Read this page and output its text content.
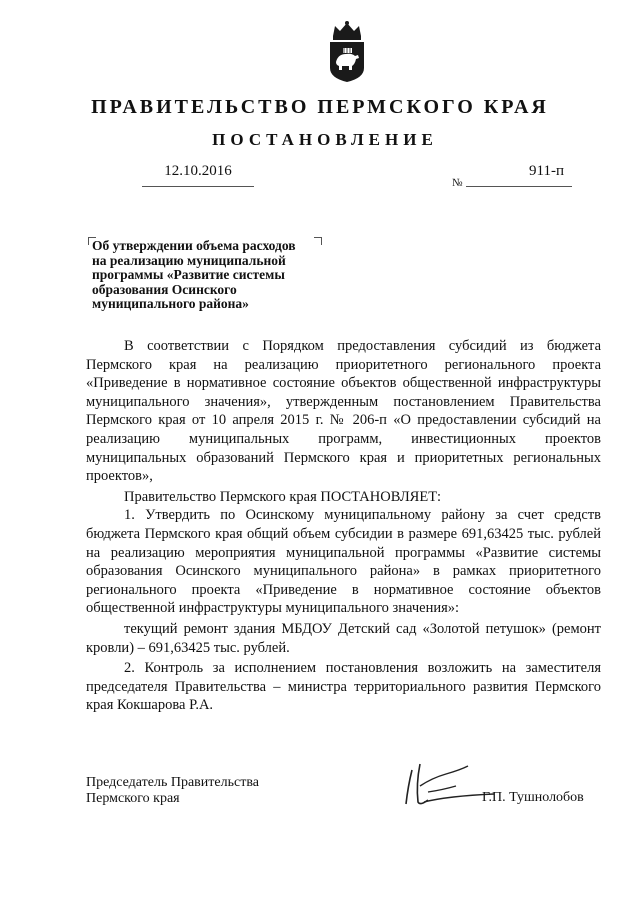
ПРАВИТЕЛЬСТВО ПЕРМСКОГО КРАЯ
ПОСТАНОВЛЕНИЕ
12.10.2016
№
911-п
Об утверждении объема расходов
на реализацию муниципальной
программы «Развитие системы
образования Осинского
муниципального района»

В соответствии с Порядком предоставления субсидий из бюджета Пермского края на реализацию приоритетного регионального проекта «Приведение в нормативное состояние объектов общественной инфраструктуры муниципального значения», утвержденным постановлением Правительства Пермского края от 10 апреля 2015 г. № 206-п «О предоставлении субсидий на реализацию муниципальных программ, инвестиционных проектов муниципальных образований Пермского края и приоритетных региональных проектов»,

Правительство Пермского края ПОСТАНОВЛЯЕТ:

1. Утвердить по Осинскому муниципальному району за счет средств бюджета Пермского края общий объем субсидии в размере 691,63425 тыс. рублей на реализацию мероприятия муниципальной программы «Развитие системы образования Осинского муниципального района» в рамках приоритетного регионального проекта «Приведение в нормативное состояние объектов общественной инфраструктуры муниципального значения»:

текущий ремонт здания МБДОУ Детский сад «Золотой петушок» (ремонт кровли) – 691,63425 тыс. рублей.

2. Контроль за исполнением постановления возложить на заместителя председателя Правительства – министра территориального развития Пермского края Кокшарова Р.А.

Председатель Правительства
Пермского края	Г.П. Тушнолобов
